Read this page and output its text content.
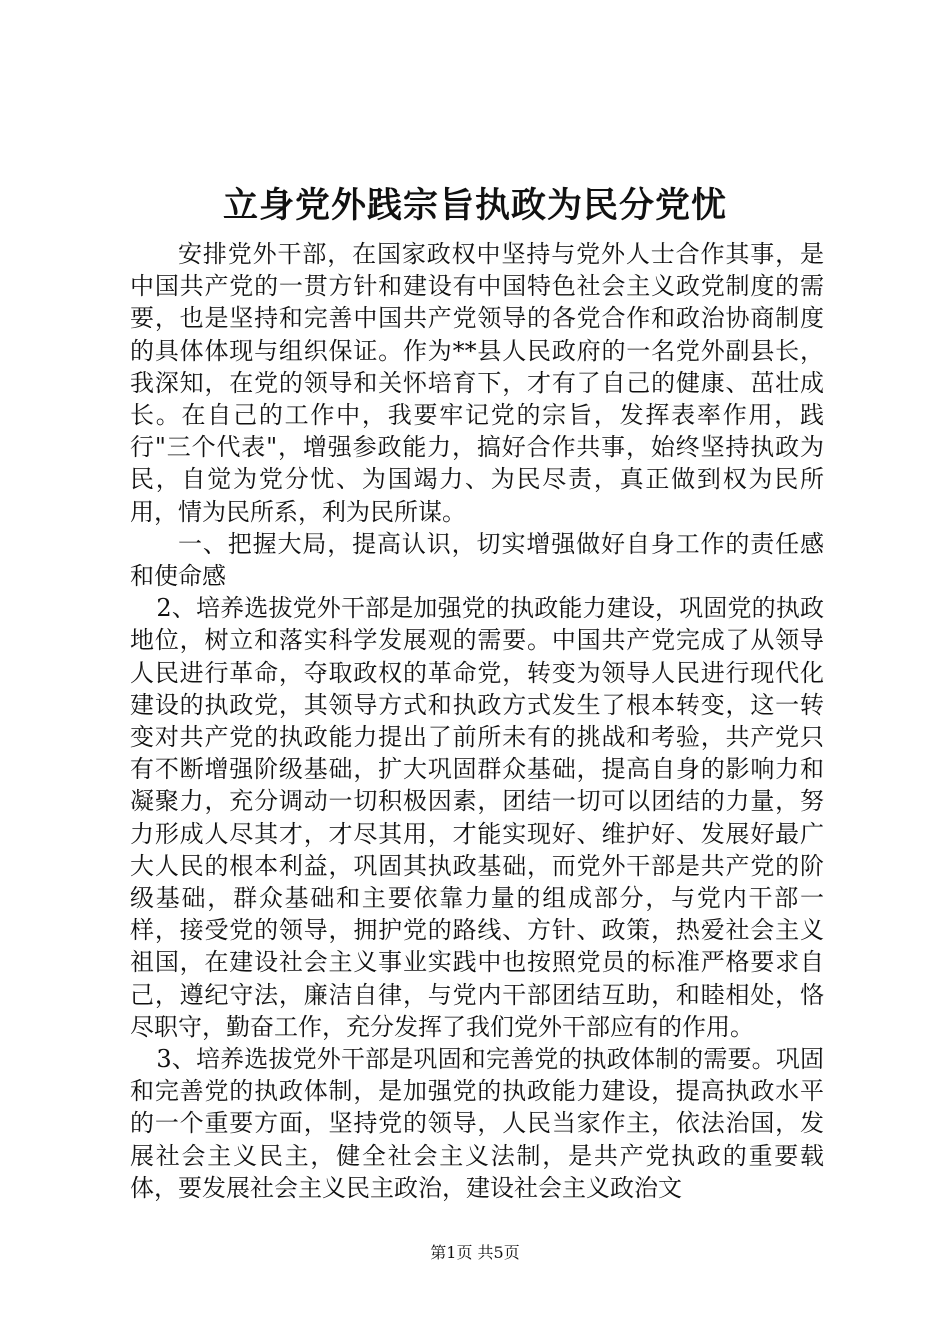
立身党外践宗旨执政为民分党忧

安排党外干部，在国家政权中坚持与党外人士合作其事，是中国共产党的一贯方针和建设有中国特色社会主义政党制度的需要，也是坚持和完善中国共产党领导的各党合作和政治协商制度的具体体现与组织保证。作为**县人民政府的一名党外副县长，我深知，在党的领导和关怀培育下，才有了自己的健康、茁壮成长。在自己的工作中，我要牢记党的宗旨，发挥表率作用，践行"三个代表"，增强参政能力，搞好合作共事，始终坚持执政为民，自觉为党分忧、为国竭力、为民尽责，真正做到权为民所用，情为民所系，利为民所谋。

一、把握大局，提高认识，切实增强做好自身工作的责任感和使命感

2、培养选拔党外干部是加强党的执政能力建设，巩固党的执政地位，树立和落实科学发展观的需要。中国共产党完成了从领导人民进行革命，夺取政权的革命党，转变为领导人民进行现代化建设的执政党，其领导方式和执政方式发生了根本转变，这一转变对共产党的执政能力提出了前所未有的挑战和考验，共产党只有不断增强阶级基础，扩大巩固群众基础，提高自身的影响力和凝聚力，充分调动一切积极因素，团结一切可以团结的力量，努力形成人尽其才，才尽其用，才能实现好、维护好、发展好最广大人民的根本利益，巩固其执政基础，而党外干部是共产党的阶级基础，群众基础和主要依靠力量的组成部分，与党内干部一样，接受党的领导，拥护党的路线、方针、政策，热爱社会主义祖国，在建设社会主义事业实践中也按照党员的标准严格要求自己，遵纪守法，廉洁自律，与党内干部团结互助，和睦相处，恪尽职守，勤奋工作，充分发挥了我们党外干部应有的作用。

3、培养选拔党外干部是巩固和完善党的执政体制的需要。巩固和完善党的执政体制，是加强党的执政能力建设，提高执政水平的一个重要方面，坚持党的领导，人民当家作主，依法治国，发展社会主义民主，健全社会主义法制，是共产党执政的重要载体，要发展社会主义民主政治，建设社会主义政治文

第1页 共5页
